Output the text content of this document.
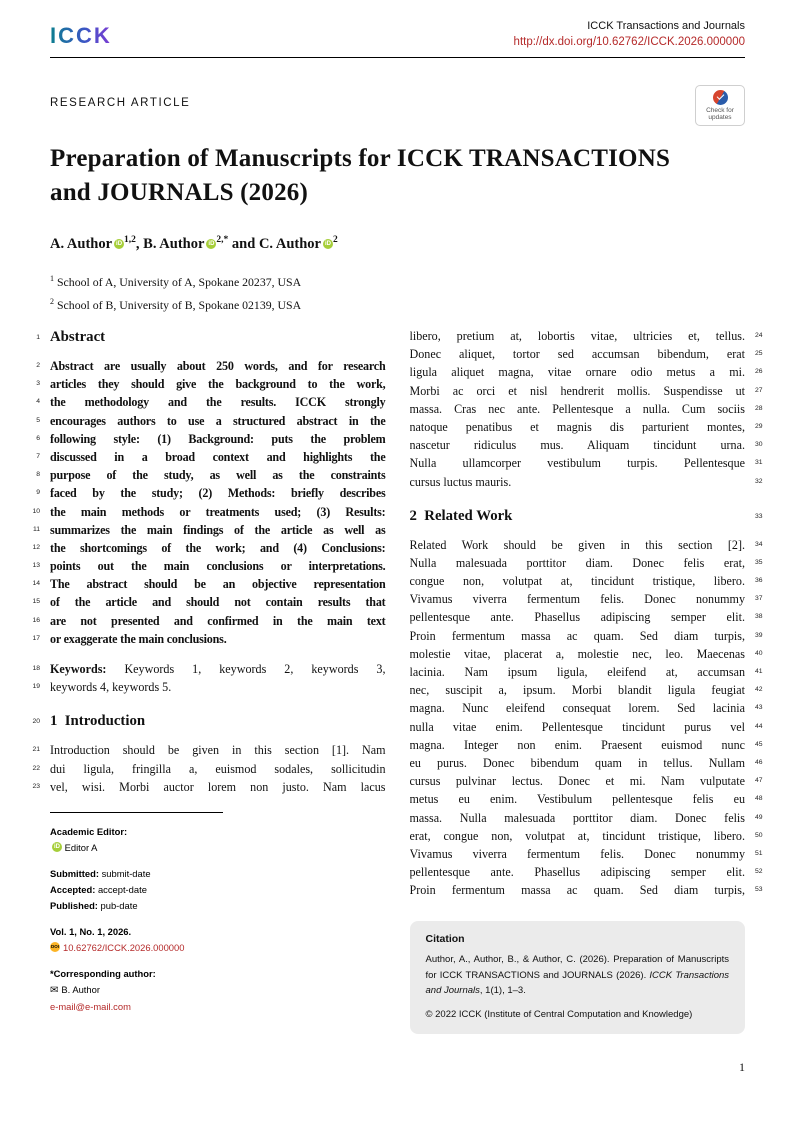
ICCK	ICCK Transactions and Journals
http://dx.doi.org/10.62762/ICCK.2026.000000
RESEARCH ARTICLE
Check for
updates
Preparation of Manuscripts for ICCK TRANSACTIONS
and JOURNALS (2026)
A. Author iD $^{1,2}$, B. Author iD $^{2,*}$ and C. Author iD $^2$
$^1$ School of A, University of A, Spokane 20237, USA
$^2$ School of B, University of B, Spokane 02139, USA
1 Abstract
2 Abstract are usually about 250 words, and for research
3 articles they should give the background to the work,
4 the methodology and the results. ICCK strongly
5 encourages authors to use a structured abstract in the
6 following style: (1) Background: puts the problem
7 discussed in a broad context and highlights the
8 purpose of the study, as well as the constraints
9 faced by the study; (2) Methods: briefly describes
10 the main methods or treatments used; (3) Results:
11 summarizes the main findings of the article as well as
12 the shortcomings of the work; and (4) Conclusions:
13 points out the main conclusions or interpretations.
14 The abstract should be an objective representation
15 of the article and should not contain results that
16 are not presented and confirmed in the main text
17 or exaggerate the main conclusions.
18 Keywords: Keywords 1, keywords 2, keywords 3,
19 keywords 4, keywords 5.
20 1 Introduction
21 Introduction should be given in this section [1]. Nam
22 dui ligula, fringilla a, euismod sodales, sollicitudin
23 vel, wisi. Morbi auctor lorem non justo. Nam lacus
Academic Editor:
iD Editor A
Submitted: submit-date
Accepted: accept-date
Published: pub-date
Vol. 1, No. 1, 2026.
DOI 10.62762/ICCK.2026.000000
*Corresponding author:
✉ B. Author
e-mail@e-mail.com
24
libero, pretium at, lobortis vitae, ultricies et, tellus.
25
Donec aliquet, tortor sed accumsan bibendum, erat
26
ligula aliquet magna, vitae ornare odio metus a mi.
27
Morbi ac orci et nisl hendrerit mollis. Suspendisse ut
28
massa. Cras nec ante. Pellentesque a nulla. Cum sociis
29
natoque penatibus et magnis dis parturient montes,
30
nascetur ridiculus mus. Aliquam tincidunt urna.
31
Nulla ullamcorper vestibulum turpis. Pellentesque
32
cursus luctus mauris.
33
2 Related Work
34
Related Work should be given in this section [2].
35
Nulla malesuada porttitor diam. Donec felis erat,
36
congue non, volutpat at, tincidunt tristique, libero.
37
Vivamus viverra fermentum felis. Donec nonummy
38
pellentesque ante. Phasellus adipiscing semper elit.
39
Proin fermentum massa ac quam. Sed diam turpis,
40
molestie vitae, placerat a, molestie nec, leo. Maecenas
41
lacinia. Nam ipsum ligula, eleifend at, accumsan
42
nec, suscipit a, ipsum. Morbi blandit ligula feugiat
43
magna. Nunc eleifend consequat lorem. Sed lacinia
44
nulla vitae enim. Pellentesque tincidunt purus vel
45
magna. Integer non enim. Praesent euismod nunc
46
eu purus. Donec bibendum quam in tellus. Nullam
47
cursus pulvinar lectus. Donec et mi. Nam vulputate
48
metus eu enim. Vestibulum pellentesque felis eu
49
massa. Nulla malesuada porttitor diam. Donec felis
50
erat, congue non, volutpat at, tincidunt tristique, libero.
51
Vivamus viverra fermentum felis. Donec nonummy
52
pellentesque ante. Phasellus adipiscing semper elit.
53
Proin fermentum massa ac quam. Sed diam turpis,
Citation
Author, A., Author, B., & Author, C. (2026). Preparation of Manuscripts for ICCK TRANSACTIONS and JOURNALS (2026). ICCK Transactions and Journals, 1(1), 1–3.
© 2022 ICCK (Institute of Central Computation and Knowledge)
1
